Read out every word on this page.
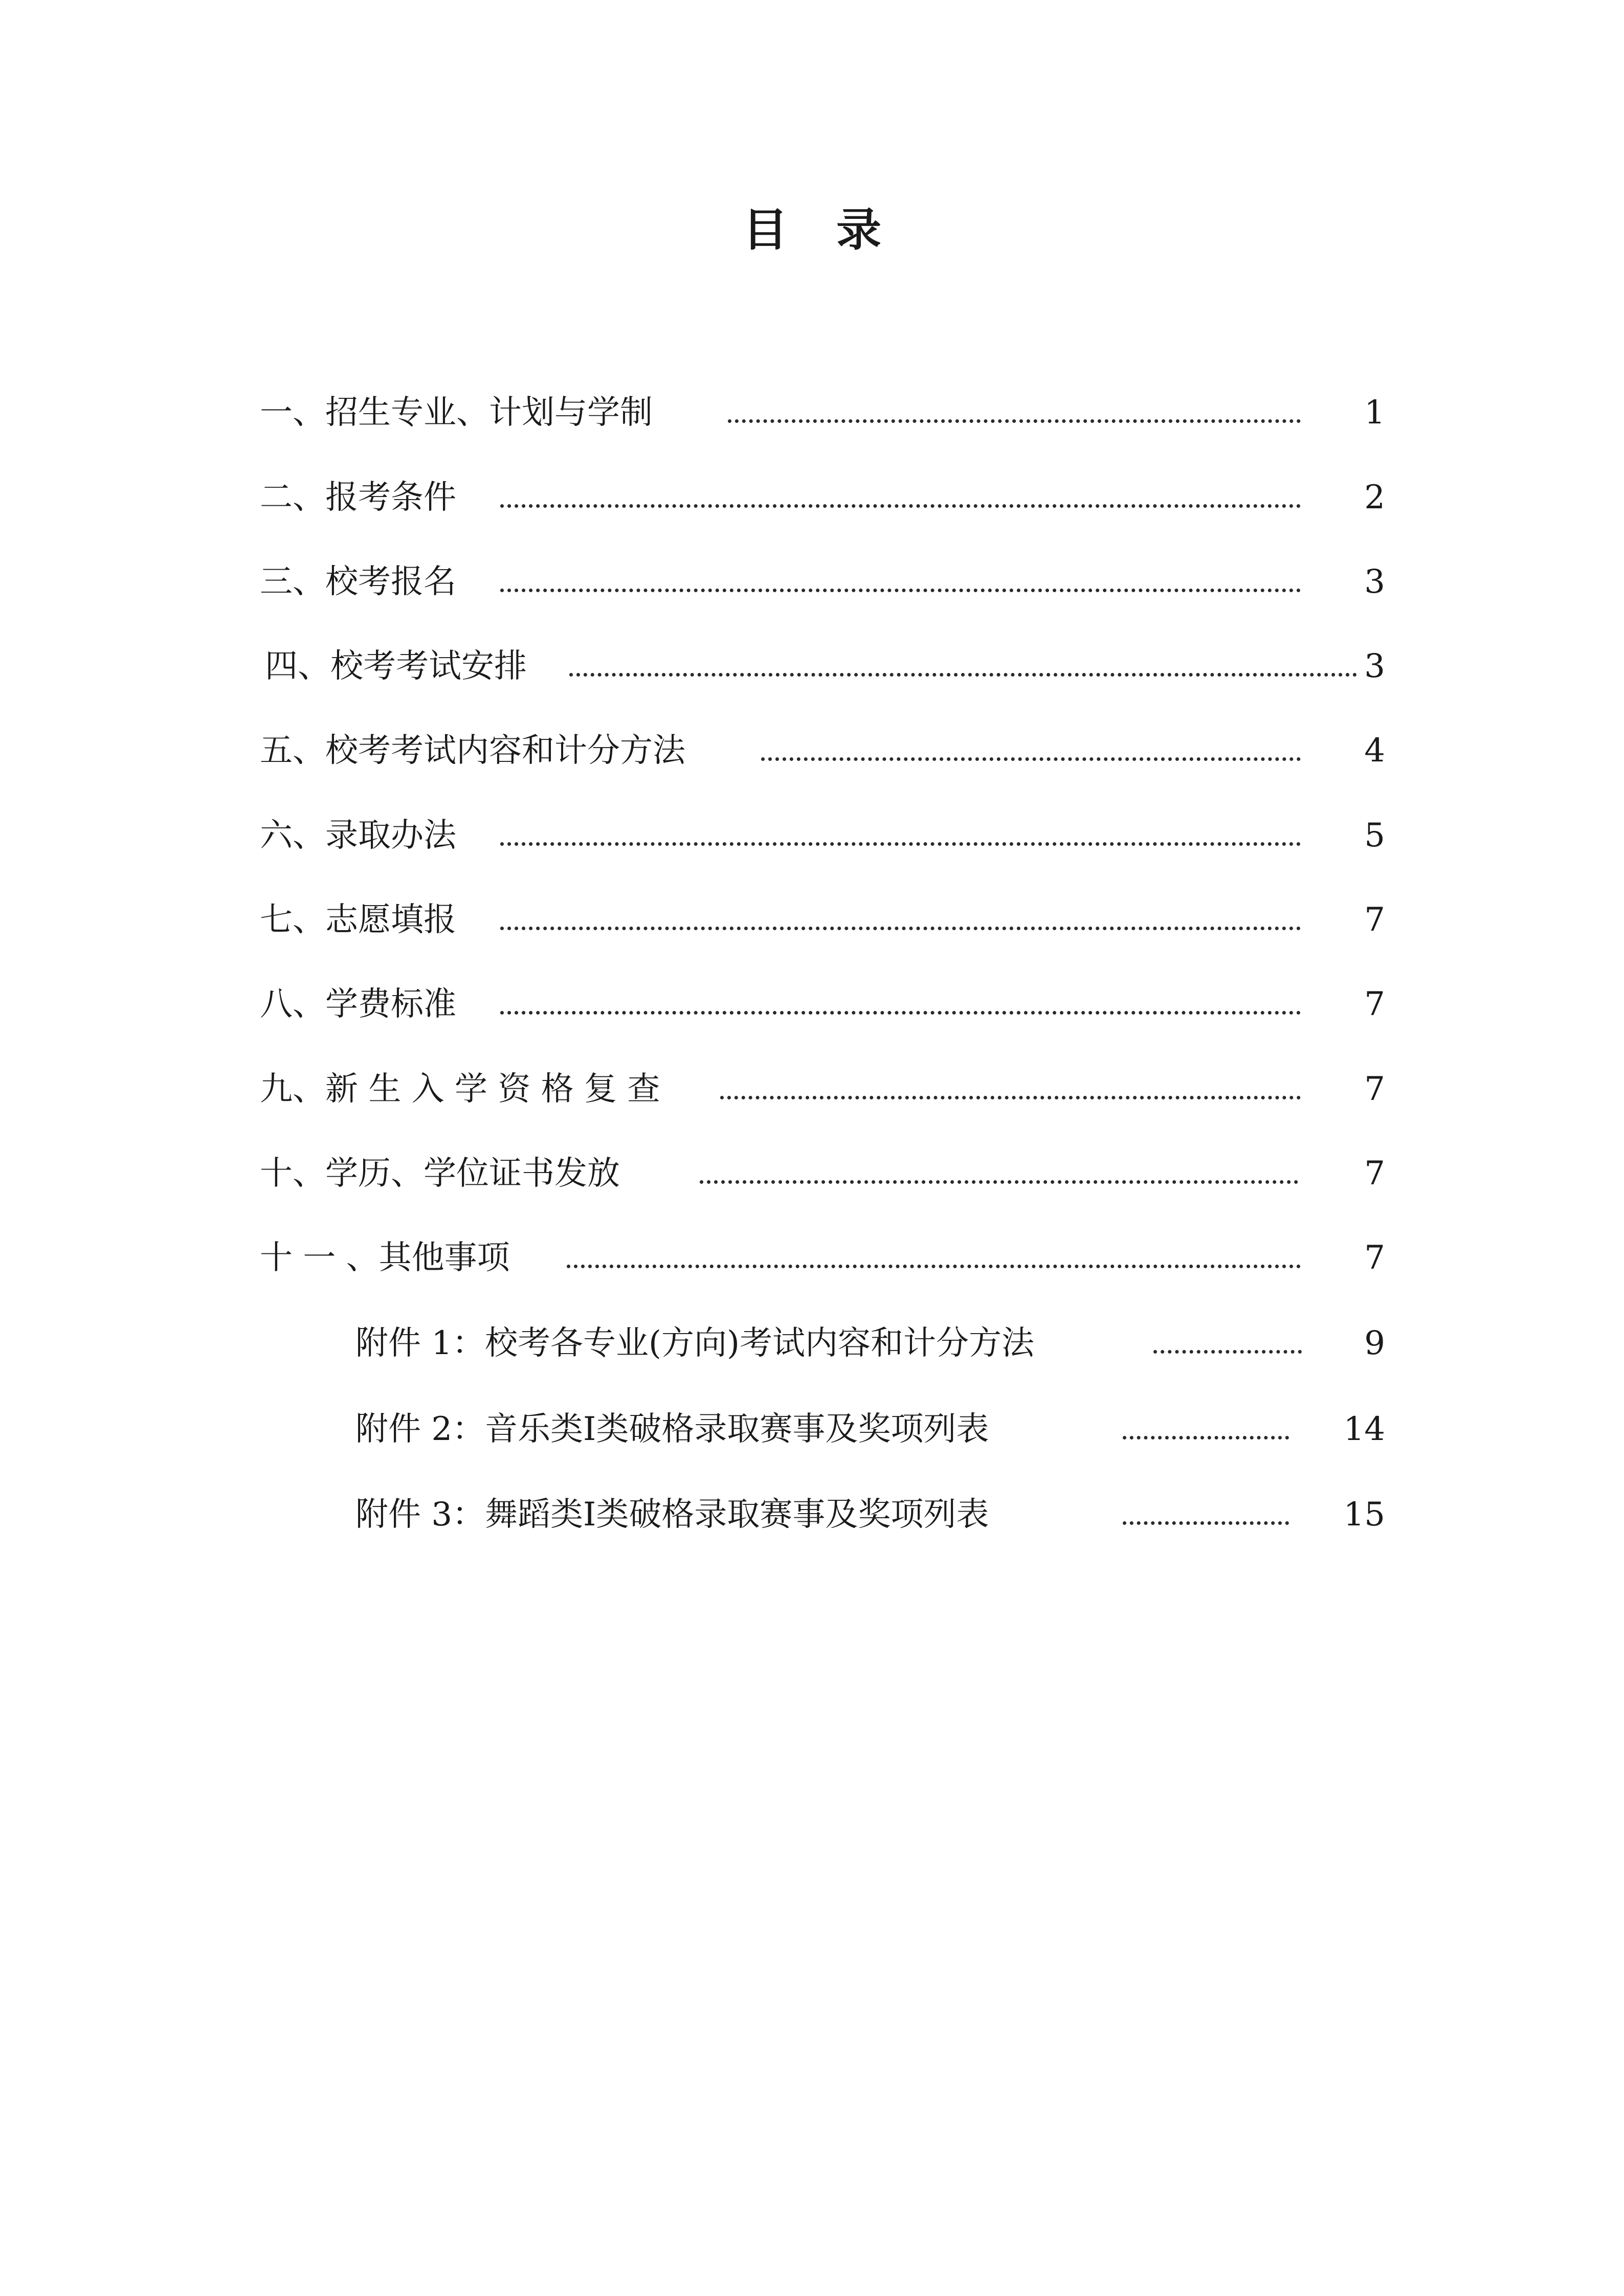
目 录
一、招生专业、计划与学制	1
二、报考条件	2
三、校考报名	3
四、校考考试安排	3
五、校考考试内容和计分方法	4
六、录取办法	5
七、志愿填报	7
八、学费标准	7
九、新 生 入 学 资 格 复 查	7
十、学历、学位证书发放	7
十 一 、其他事项	7
附件 1：校考各专业(方向)考试内容和计分方法	9
附件 2：音乐类Ⅰ类破格录取赛事及奖项列表	14
附件 3：舞蹈类Ⅰ类破格录取赛事及奖项列表	15
